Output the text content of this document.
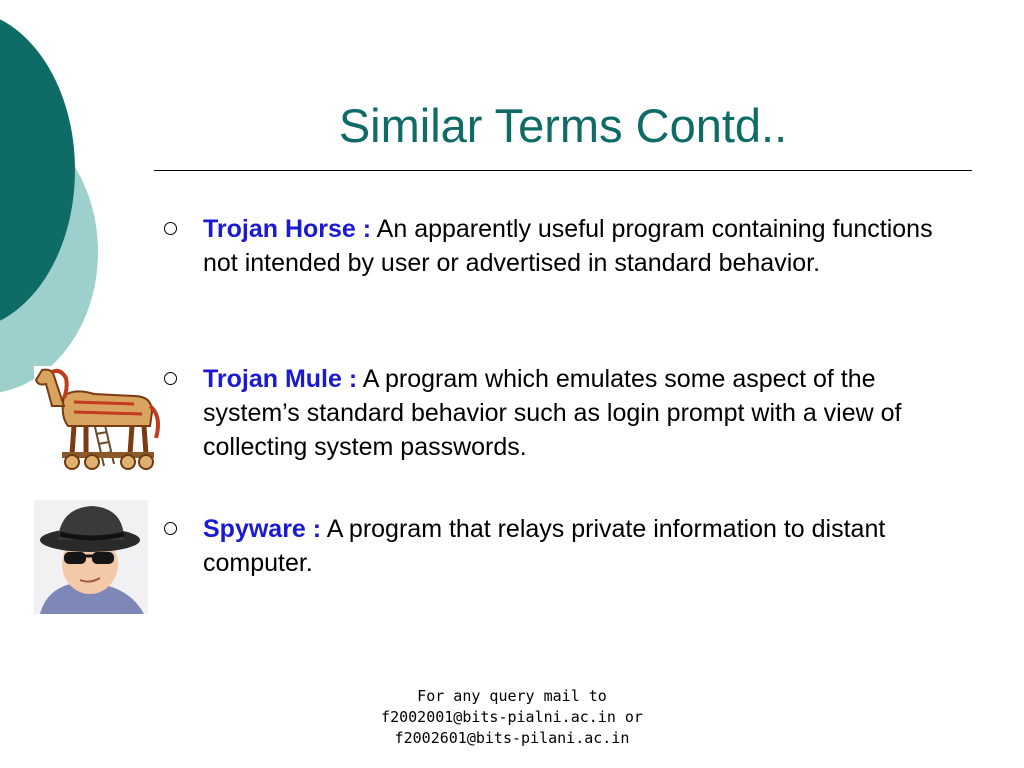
Similar Terms Contd..
Trojan Horse : An apparently useful program containing functions not intended by user or advertised in standard behavior.
Trojan Mule : A program which emulates some aspect of the system’s standard behavior such as login prompt with a view of collecting system passwords.
Spyware : A program that relays private information to distant computer.
For any query mail to
f2002001@bits-pialni.ac.in or
f2002601@bits-pilani.ac.in
